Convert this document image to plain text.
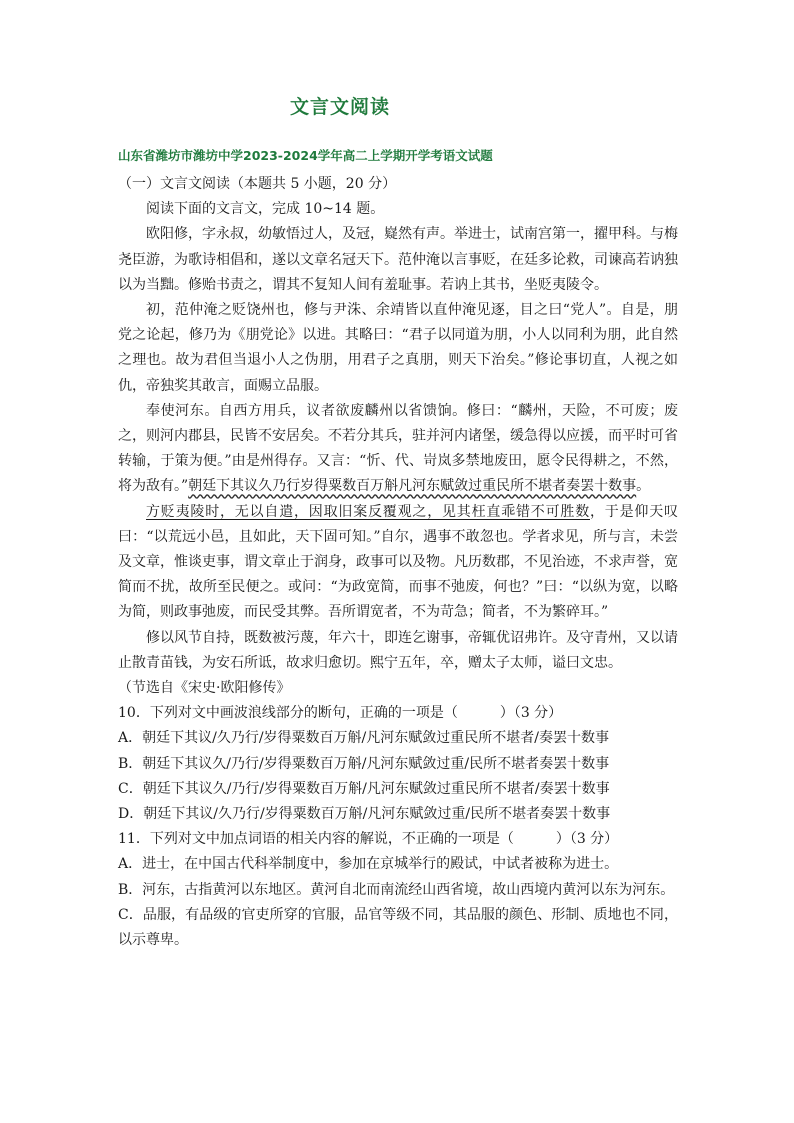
文言文阅读
山东省潍坊市潍坊中学2023-2024学年高二上学期开学考语文试题

（一）文言文阅读（本题共 5 小题，20 分）

阅读下面的文言文，完成 10~14 题。

欧阳修，字永叔，幼敏悟过人，及冠，嶷然有声。举进士，试南宫第一，擢甲科。与梅尧臣游，为歌诗相倡和，遂以文章名冠天下。范仲淹以言事贬，在廷多论救，司谏高若讷独以为当黜。修贻书责之，谓其不复知人间有羞耻事。若讷上其书，坐贬夷陵令。

初，范仲淹之贬饶州也，修与尹洙、余靖皆以直仲淹见逐，目之曰“党人”。自是，朋党之论起，修乃为《朋党论》以进。其略曰：“君子以同道为朋，小人以同利为朋，此自然之理也。故为君但当退小人之伪朋，用君子之真朋，则天下治矣。”修论事切直，人视之如仇，帝独奖其敢言，面赐立品服。

奉使河东。自西方用兵，议者欲废麟州以省馈饷。修曰：“麟州，天险，不可废；废之，则河内郡县，民皆不安居矣。不若分其兵，驻并河内诸堡，缓急得以应援，而平时可省转输，于策为便。”由是州得存。又言：“忻、代、岢岚多禁地废田，愿令民得耕之，不然，将为敌有。”朝廷下其议久乃行岁得粟数百万斛凡河东赋敛过重民所不堪者奏罢十数事。

方贬夷陵时，无以自遣，因取旧案反覆观之，见其枉直乖错不可胜数，于是仰天叹曰：“以荒远小邑，且如此，天下固可知。”自尔，遇事不敢忽也。学者求见，所与言，未尝及文章，惟谈吏事，谓文章止于润身，政事可以及物。凡历数郡，不见治迹，不求声誉，宽简而不扰，故所至民便之。或问：“为政宽简，而事不弛废，何也？”曰：“以纵为宽，以略为简，则政事弛废，而民受其弊。吾所谓宽者，不为苛急；简者，不为繁碎耳。”

修以风节自持，既数被污蔑，年六十，即连乞谢事，帝辄优诏弗许。及守青州，又以请止散青苗钱，为安石所诋，故求归愈切。熙宁五年，卒，赠太子太师，谥曰文忠。

（节选自《宋史·欧阳修传》

10．下列对文中画波浪线部分的断句，正确的一项是（　　　）（3 分）

A．朝廷下其议/久乃行/岁得粟数百万斛/凡河东赋敛过重民所不堪者/奏罢十数事

B．朝廷下其议久/乃行/岁得粟数百万斛/凡河东赋敛过重/民所不堪者奏罢十数事

C．朝廷下其议久/乃行/岁得粟数百万斛/凡河东赋敛过重民所不堪者/奏罢十数事

D．朝廷下其议/久乃行/岁得粟数百万斛/凡河东赋敛过重/民所不堪者奏罢十数事

11．下列对文中加点词语的相关内容的解说，不正确的一项是（　　　）（3 分）

A．进士，在中国古代科举制度中，参加在京城举行的殿试，中试者被称为进士。

B．河东，古指黄河以东地区。黄河自北而南流经山西省境，故山西境内黄河以东为河东。

C．品服，有品级的官吏所穿的官服，品官等级不同，其品服的颜色、形制、质地也不同，以示尊卑。
